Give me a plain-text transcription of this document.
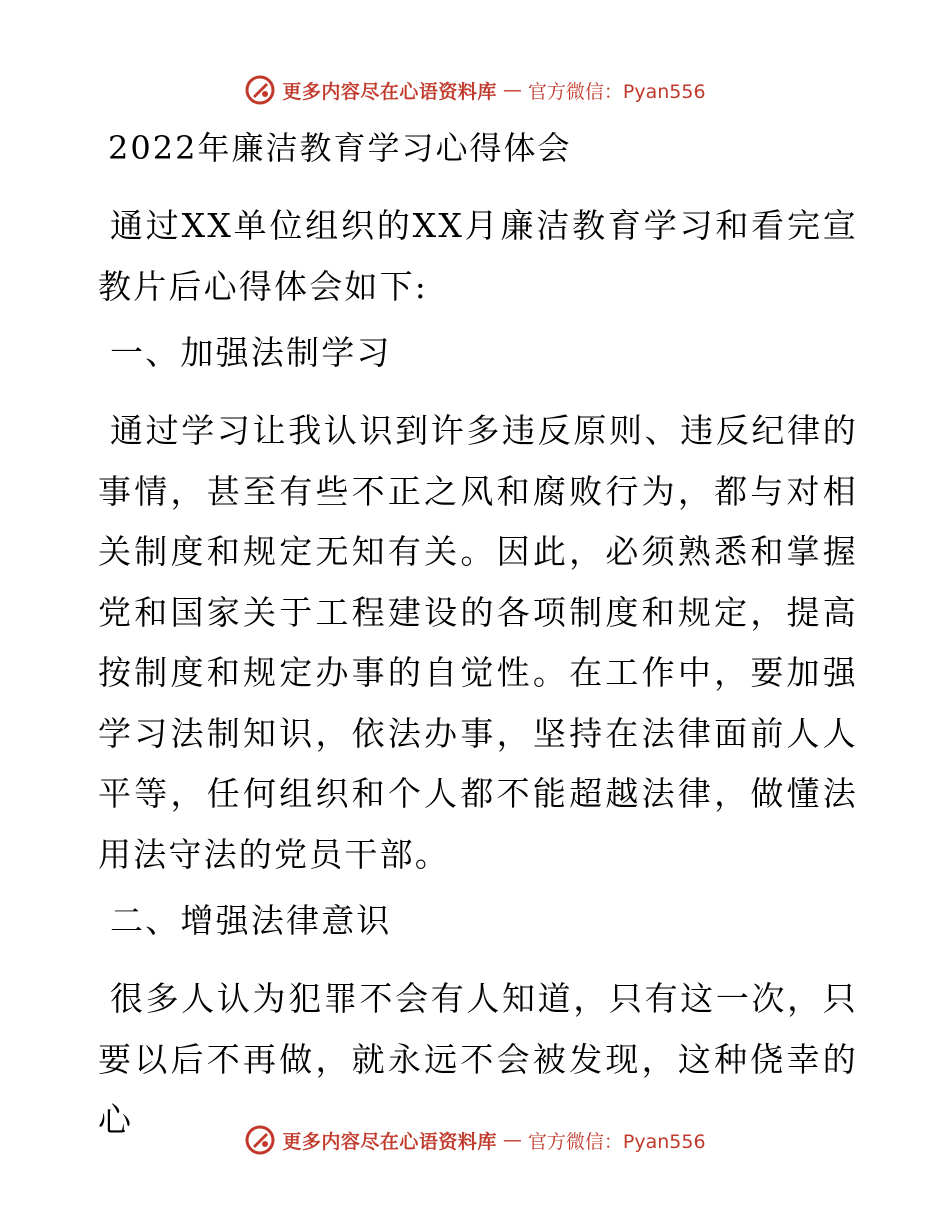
更多内容尽在心语资料库 — 官方微信：Pyan556
2022年廉洁教育学习心得体会

通过XX单位组织的XX月廉洁教育学习和看完宣教片后心得体会如下:

一、加强法制学习

通过学习让我认识到许多违反原则、违反纪律的事情，甚至有些不正之风和腐败行为，都与对相关制度和规定无知有关。因此，必须熟悉和掌握党和国家关于工程建设的各项制度和规定，提高按制度和规定办事的自觉性。在工作中，要加强学习法制知识，依法办事，坚持在法律面前人人平等，任何组织和个人都不能超越法律，做懂法用法守法的党员干部。

二、增强法律意识

很多人认为犯罪不会有人知道，只有这一次，只要以后不再做，就永远不会被发现，这种侥幸的心

更多内容尽在心语资料库 — 官方微信：Pyan556
